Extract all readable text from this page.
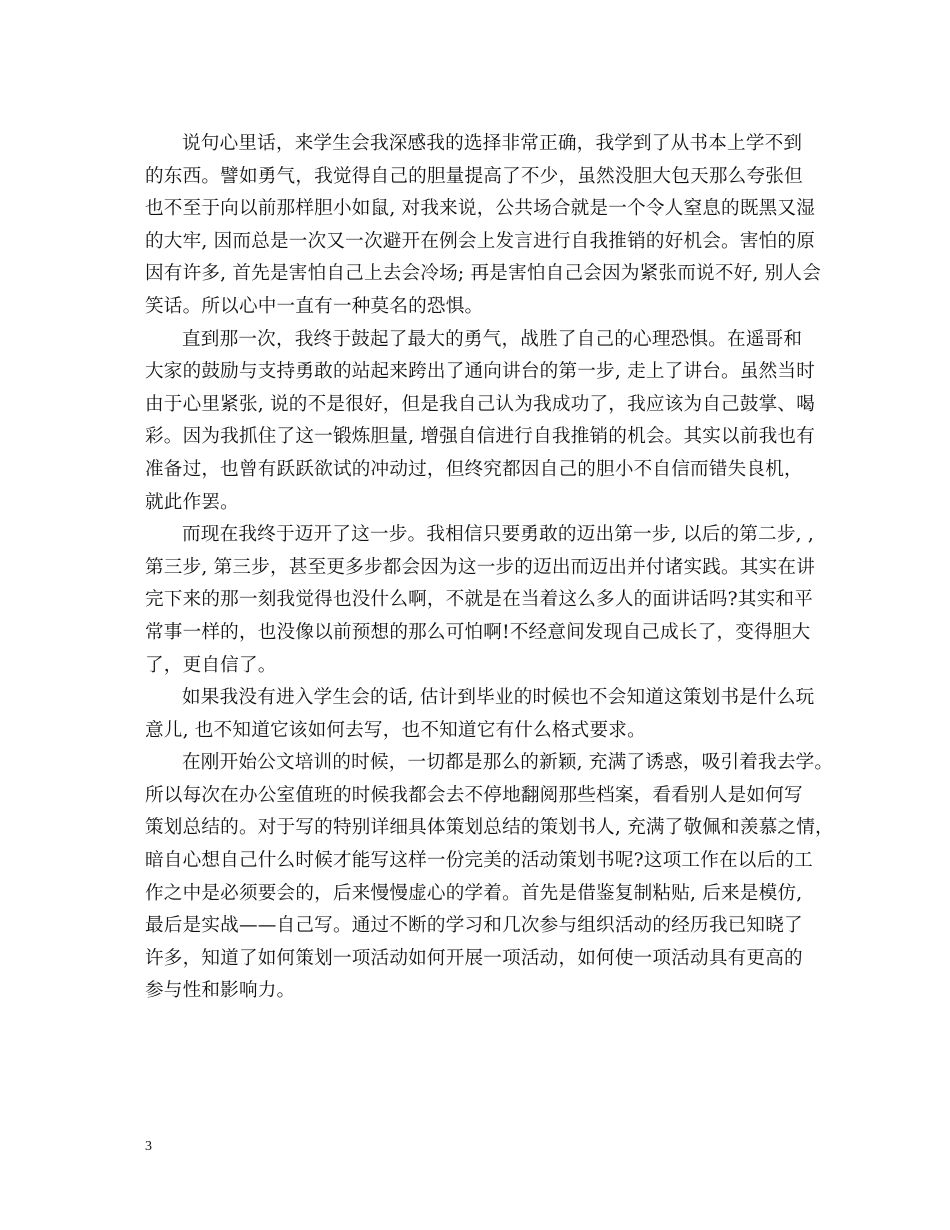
说句心里话，来学生会我深感我的选择非常正确，我学到了从书本上学不到
的东西。譬如勇气，我觉得自己的胆量提高了不少，虽然没胆大包天那么夸张但
也不至于向以前那样胆小如鼠, 对我来说，公共场合就是一个令人窒息的既黑又湿
的大牢, 因而总是一次又一次避开在例会上发言进行自我推销的好机会。害怕的原
因有许多, 首先是害怕自己上去会冷场; 再是害怕自己会因为紧张而说不好, 别人会
笑话。所以心中一直有一种莫名的恐惧。
直到那一次，我终于鼓起了最大的勇气，战胜了自己的心理恐惧。在遥哥和
大家的鼓励与支持勇敢的站起来跨出了通向讲台的第一步, 走上了讲台。虽然当时
由于心里紧张, 说的不是很好，但是我自己认为我成功了，我应该为自己鼓掌、喝
彩。因为我抓住了这一锻炼胆量, 增强自信进行自我推销的机会。其实以前我也有
准备过，也曾有跃跃欲试的冲动过，但终究都因自己的胆小不自信而错失良机，
就此作罢。
而现在我终于迈开了这一步。我相信只要勇敢的迈出第一步, 以后的第二步, ,
第三步, 第三步，甚至更多步都会因为这一步的迈出而迈出并付诸实践。其实在讲
完下来的那一刻我觉得也没什么啊，不就是在当着这么多人的面讲话吗?其实和平
常事一样的，也没像以前预想的那么可怕啊!不经意间发现自己成长了，变得胆大
了，更自信了。
如果我没有进入学生会的话, 估计到毕业的时候也不会知道这策划书是什么玩
意儿, 也不知道它该如何去写，也不知道它有什么格式要求。
在刚开始公文培训的时候，一切都是那么的新颖, 充满了诱惑，吸引着我去学。
所以每次在办公室值班的时候我都会去不停地翻阅那些档案，看看别人是如何写
策划总结的。对于写的特别详细具体策划总结的策划书人, 充满了敬佩和羡慕之情，
暗自心想自己什么时候才能写这样一份完美的活动策划书呢?这项工作在以后的工
作之中是必须要会的，后来慢慢虚心的学着。首先是借鉴复制粘贴, 后来是模仿,
最后是实战——自己写。通过不断的学习和几次参与组织活动的经历我已知晓了
许多，知道了如何策划一项活动如何开展一项活动，如何使一项活动具有更高的
参与性和影响力。
3
